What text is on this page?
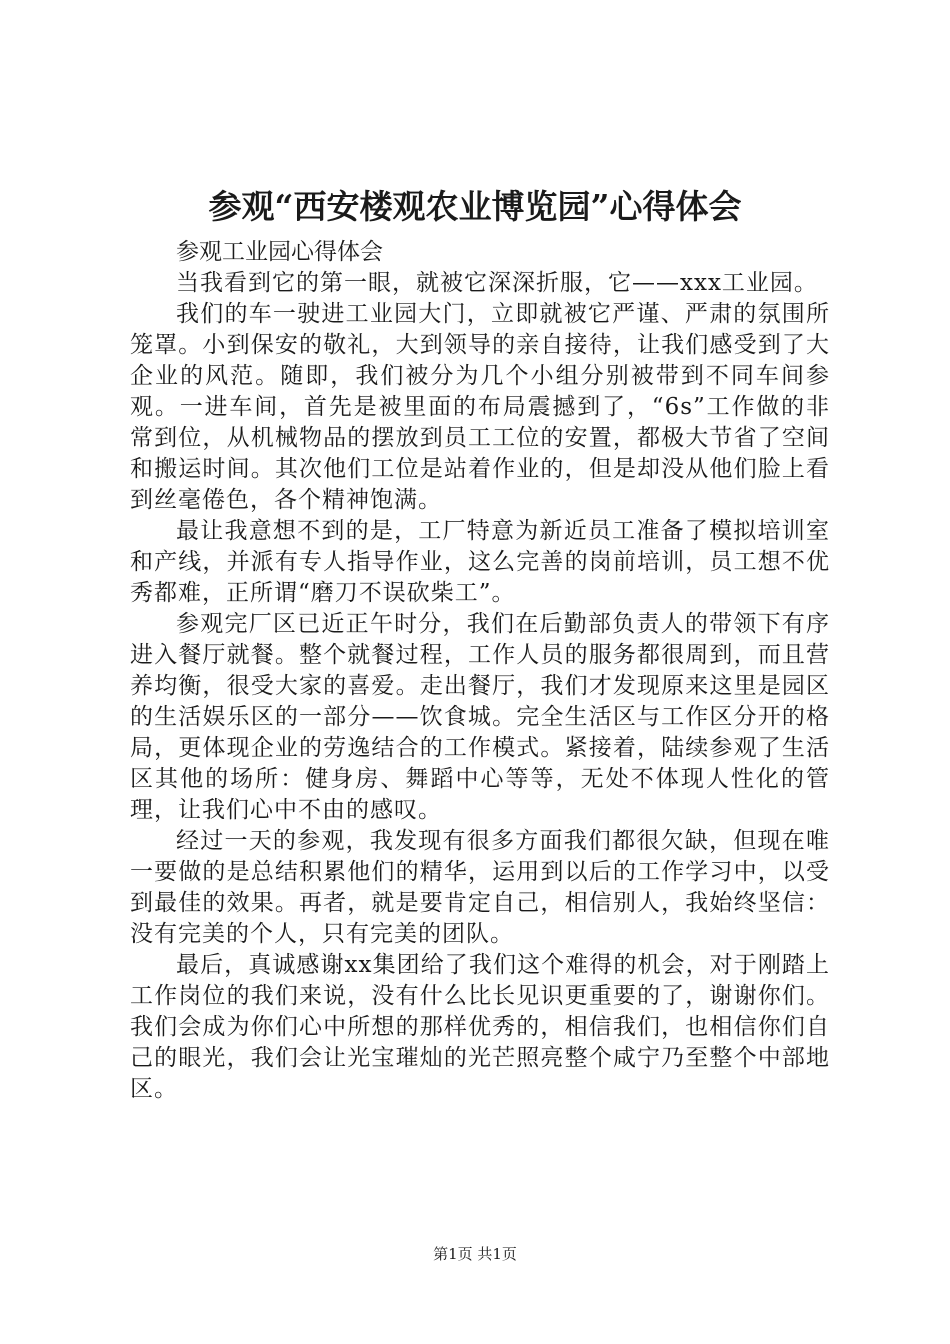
参观“西安楼观农业博览园”心得体会

参观工业园心得体会

当我看到它的第一眼，就被它深深折服，它——xxx工业园。

我们的车一驶进工业园大门，立即就被它严谨、严肃的氛围所笼罩。小到保安的敬礼，大到领导的亲自接待，让我们感受到了大企业的风范。随即，我们被分为几个小组分别被带到不同车间参观。一进车间，首先是被里面的布局震撼到了，“6s”工作做的非常到位，从机械物品的摆放到员工工位的安置，都极大节省了空间和搬运时间。其次他们工位是站着作业的，但是却没从他们脸上看到丝毫倦色，各个精神饱满。

最让我意想不到的是，工厂特意为新近员工准备了模拟培训室和产线，并派有专人指导作业，这么完善的岗前培训，员工想不优秀都难，正所谓“磨刀不误砍柴工”。

参观完厂区已近正午时分，我们在后勤部负责人的带领下有序进入餐厅就餐。整个就餐过程，工作人员的服务都很周到，而且营养均衡，很受大家的喜爱。走出餐厅，我们才发现原来这里是园区的生活娱乐区的一部分——饮食城。完全生活区与工作区分开的格局，更体现企业的劳逸结合的工作模式。紧接着，陆续参观了生活区其他的场所：健身房、舞蹈中心等等，无处不体现人性化的管理，让我们心中不由的感叹。

经过一天的参观，我发现有很多方面我们都很欠缺，但现在唯一要做的是总结积累他们的精华，运用到以后的工作学习中，以受到最佳的效果。再者，就是要肯定自己，相信别人，我始终坚信：没有完美的个人，只有完美的团队。

最后，真诚感谢xx集团给了我们这个难得的机会，对于刚踏上工作岗位的我们来说，没有什么比长见识更重要的了，谢谢你们。我们会成为你们心中所想的那样优秀的，相信我们，也相信你们自己的眼光，我们会让光宝璀灿的光芒照亮整个咸宁乃至整个中部地区。

第1页 共1页
